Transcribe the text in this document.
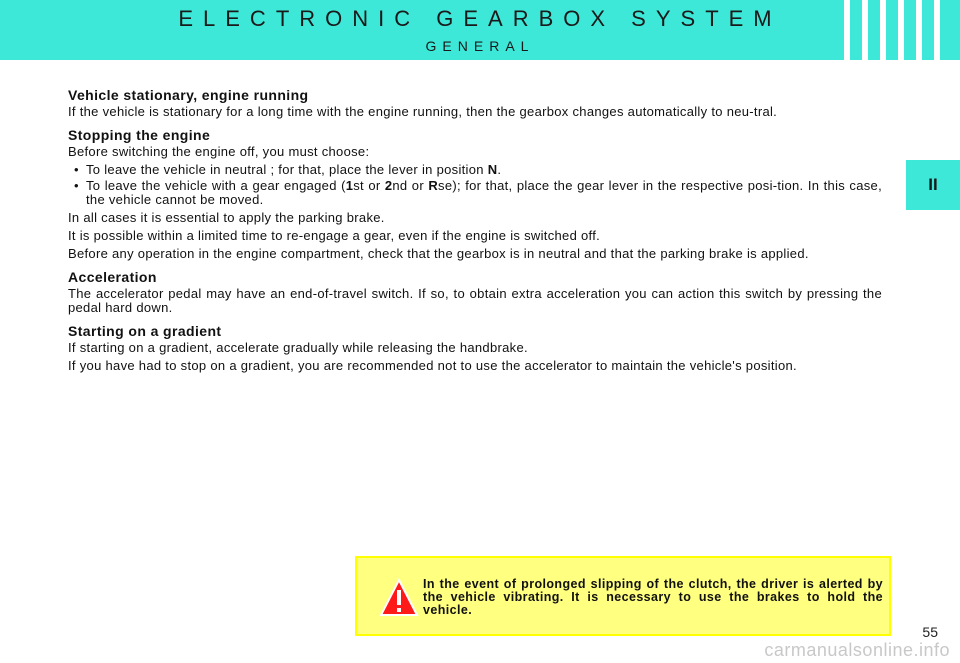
ELECTRONIC GEARBOX SYSTEM
GENERAL
II
Vehicle stationary, engine running

If the vehicle is stationary for a long time with the engine running, then the gearbox changes automatically to neu-tral.

Stopping the engine

Before switching the engine off, you must choose:

• To leave the vehicle in neutral ; for that, place the lever in position N.
• To leave the vehicle with a gear engaged (1st or 2nd or Rse); for that, place the gear lever in the respective posi-tion. In this case, the vehicle cannot be moved.

In all cases it is essential to apply the parking brake.

It is possible within a limited time to re-engage a gear, even if the engine is switched off.

Before any operation in the engine compartment, check that the gearbox is in neutral and that the parking brake is applied.

Acceleration

The accelerator pedal may have an end-of-travel switch. If so, to obtain extra acceleration you can action this switch by pressing the pedal hard down.

Starting on a gradient

If starting on a gradient, accelerate gradually while releasing the handbrake.

If you have had to stop on a gradient, you are recommended not to use the accelerator to maintain the vehicle's position.

In the event of prolonged slipping of the clutch, the driver is alerted by the vehicle vibrating. It is necessary to use the brakes to hold the vehicle.
55
carmanualsonline.info
